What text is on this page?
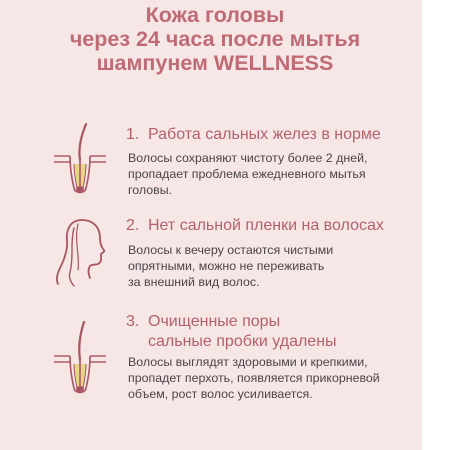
Кожа головы
через 24 часа после мытья
шампунем WELLNESS
1. Работа сальных желез в норме

Волосы сохраняют чистоту более 2 дней,
пропадает проблема ежедневного мытья
головы.

2. Нет сальной пленки на волосах

Волосы к вечеру остаются чистыми
опрятными, можно не переживать
за внешний вид волос.

3. Очищенные поры
сальные пробки удалены

Волосы выглядят здоровыми и крепкими,
пропадет перхоть, появляется прикорневой
объем, рост волос усиливается.
